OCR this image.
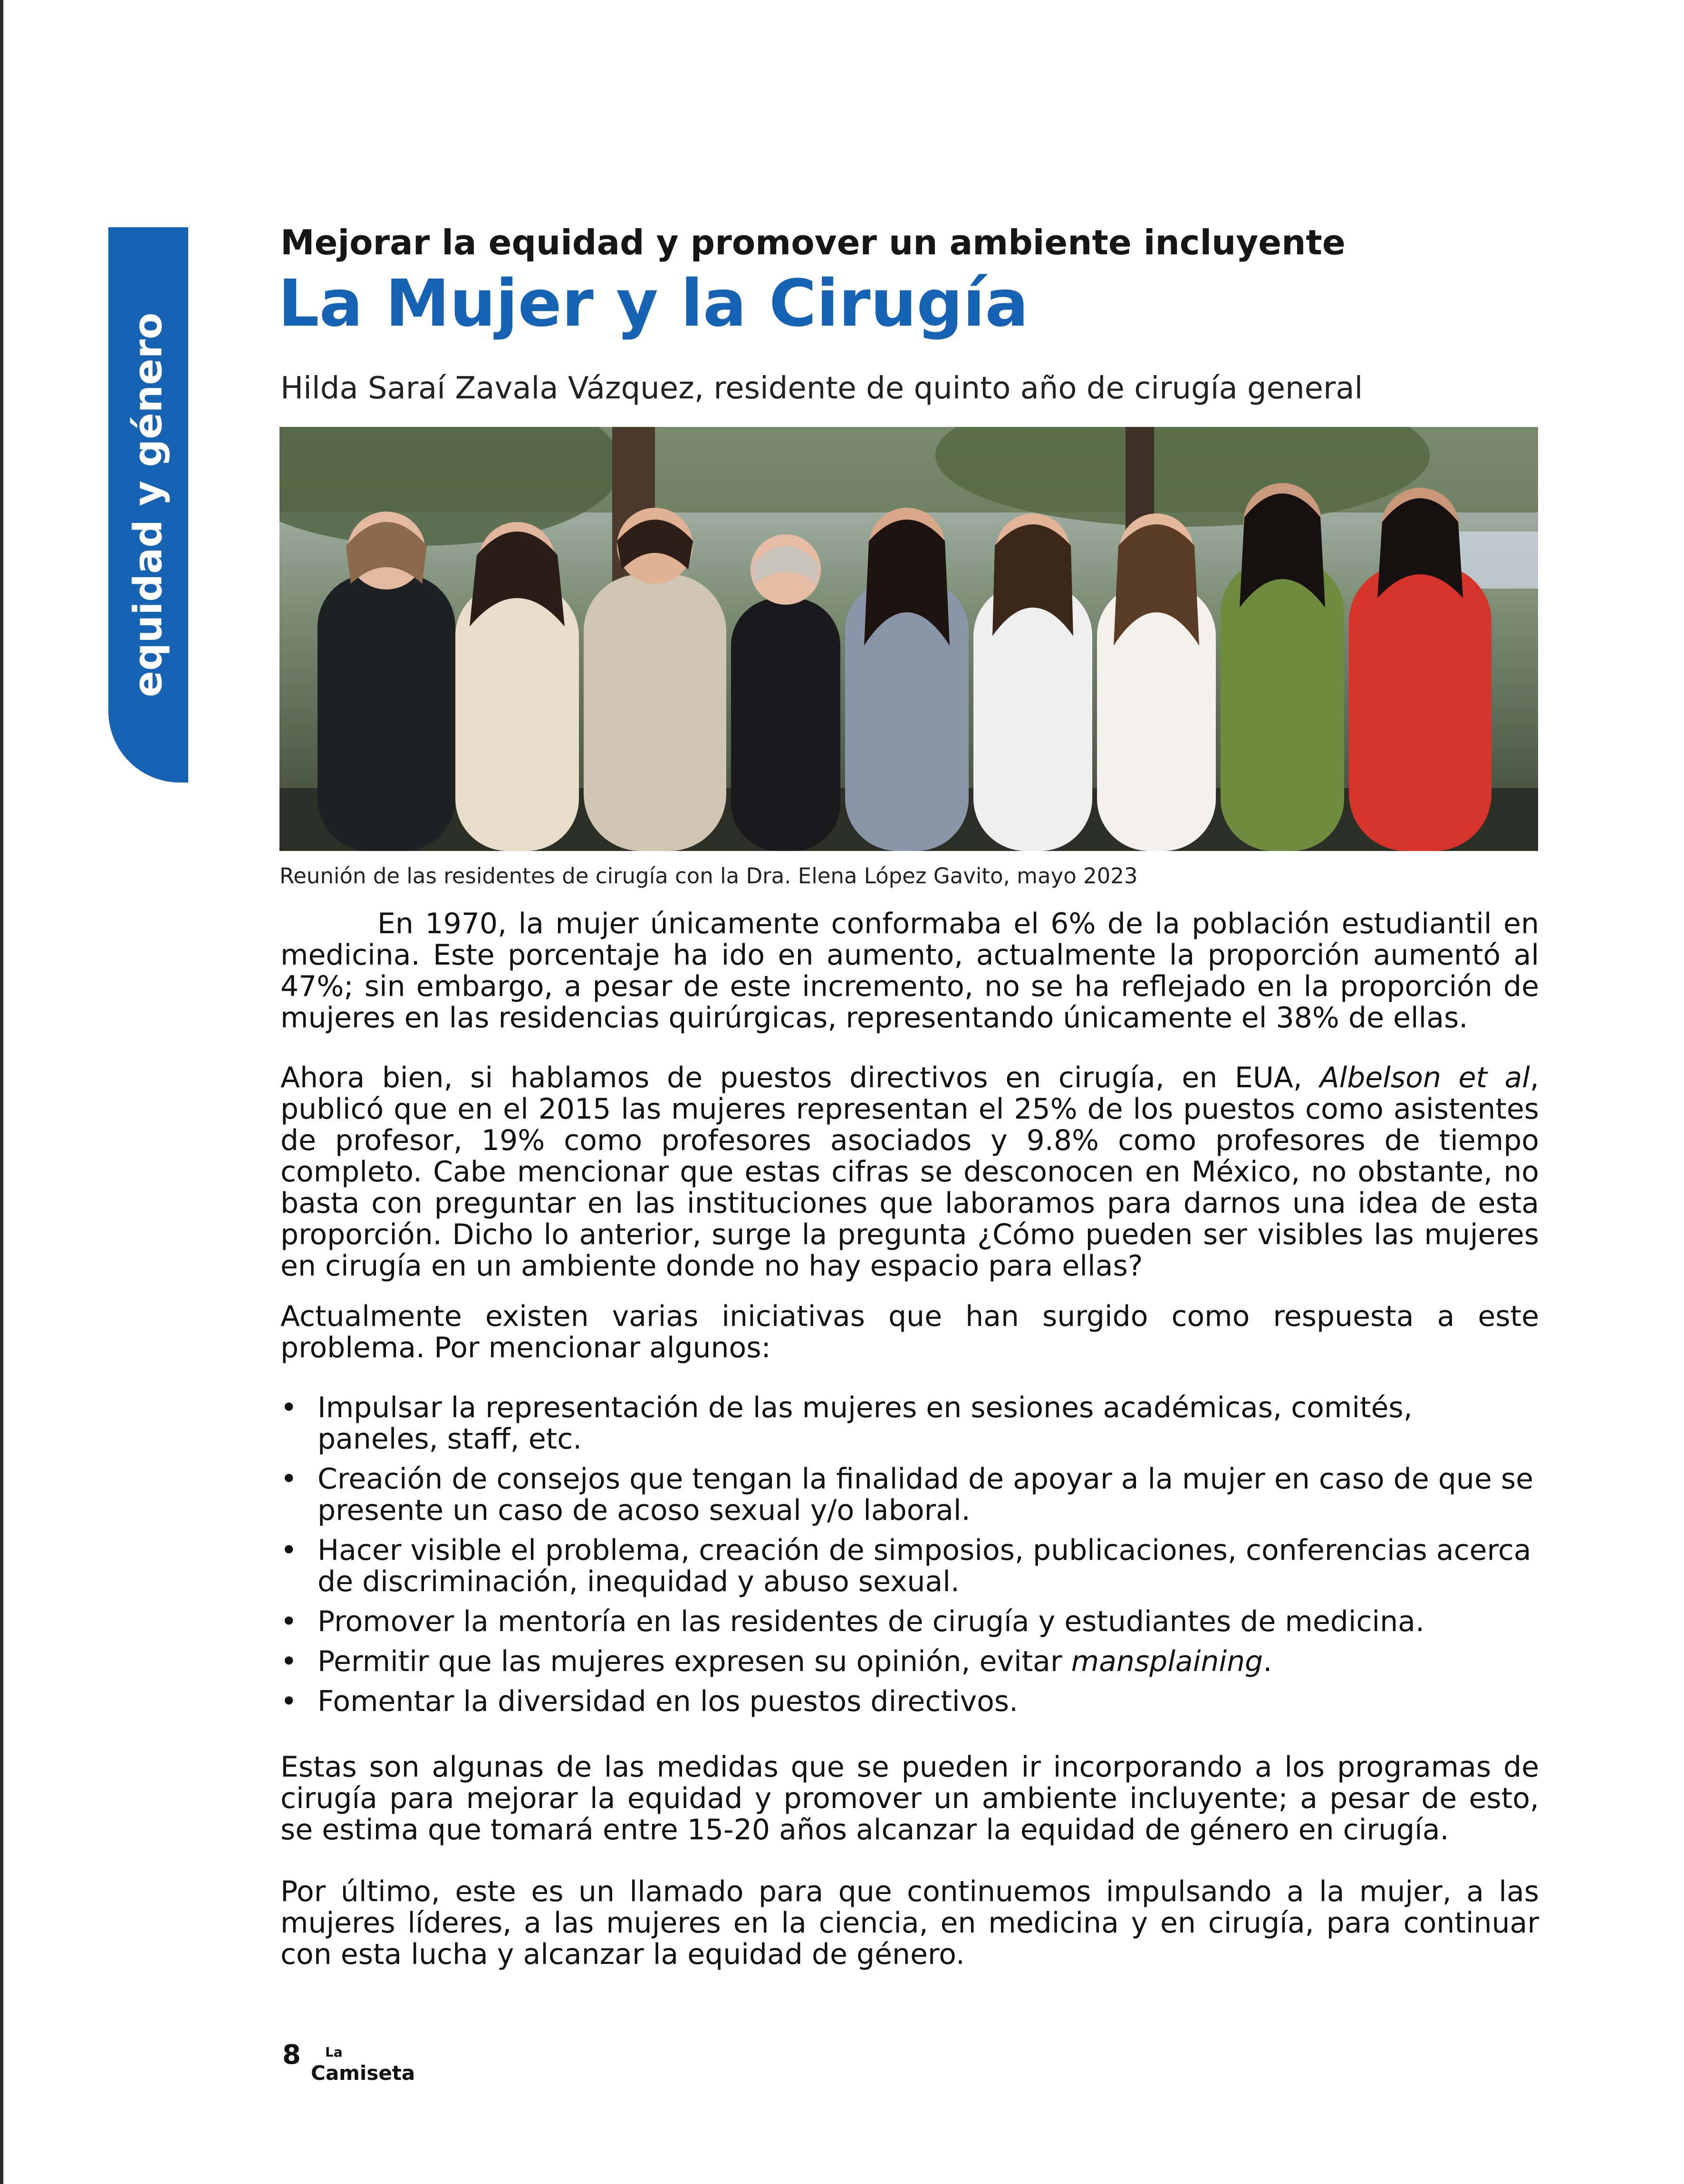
equidad y género
Mejorar la equidad y promover un ambiente incluyente
La Mujer y la Cirugía
Hilda Saraí Zavala Vázquez, residente de quinto año de cirugía general
Reunión de las residentes de cirugía con la Dra. Elena López Gavito, mayo 2023

En 1970, la mujer únicamente conformaba el 6% de la población estudiantil en medicina. Este porcentaje ha ido en aumento, actualmente la proporción aumentó al 47%; sin embargo, a pesar de este incremento, no se ha reflejado en la proporción de mujeres en las residencias quirúrgicas, representando únicamente el 38% de ellas.

Ahora bien, si hablamos de puestos directivos en cirugía, en EUA, Albelson et al, publicó que en el 2015 las mujeres representan el 25% de los puestos como asistentes de profesor, 19% como profesores asociados y 9.8% como profesores de tiempo completo. Cabe mencionar que estas cifras se desconocen en México, no obstante, no basta con preguntar en las instituciones que laboramos para darnos una idea de esta proporción. Dicho lo anterior, surge la pregunta ¿Cómo pueden ser visibles las mujeres en cirugía en un ambiente donde no hay espacio para ellas?

Actualmente existen varias iniciativas que han surgido como respuesta a este problema. Por mencionar algunos:

• Impulsar la representación de las mujeres en sesiones académicas, comités, paneles, staff, etc.
• Creación de consejos que tengan la finalidad de apoyar a la mujer en caso de que se presente un caso de acoso sexual y/o laboral.
• Hacer visible el problema, creación de simposios, publicaciones, conferencias acerca de discriminación, inequidad y abuso sexual.
• Promover la mentoría en las residentes de cirugía y estudiantes de medicina.
• Permitir que las mujeres expresen su opinión, evitar mansplaining.
• Fomentar la diversidad en los puestos directivos.

Estas son algunas de las medidas que se pueden ir incorporando a los programas de cirugía para mejorar la equidad y promover un ambiente incluyente; a pesar de esto, se estima que tomará entre 15-20 años alcanzar la equidad de género en cirugía.

Por último, este es un llamado para que continuemos impulsando a la mujer, a las mujeres líderes, a las mujeres en la ciencia, en medicina y en cirugía, para continuar con esta lucha y alcanzar la equidad de género.

8 La
Camiseta
